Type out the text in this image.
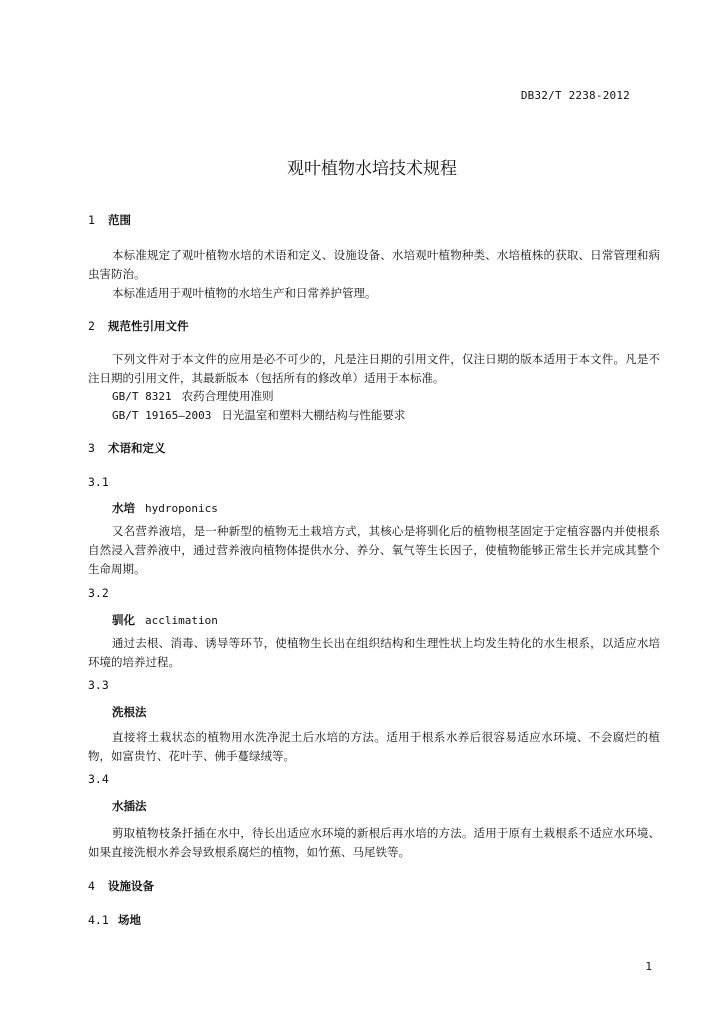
DB32/T 2238-2012
观叶植物水培技术规程
1 范围
本标准规定了观叶植物水培的术语和定义、设施设备、水培观叶植物种类、水培植株的获取、日常管理和病虫害防治。
本标准适用于观叶植物的水培生产和日常养护管理。
2 规范性引用文件
下列文件对于本文件的应用是必不可少的，凡是注日期的引用文件，仅注日期的版本适用于本文件。凡是不注日期的引用文件，其最新版本（包括所有的修改单）适用于本标准。
GB/T 8321 农药合理使用准则
GB/T 19165—2003 日光温室和塑料大棚结构与性能要求
3 术语和定义
3.1
水培 hydroponics
又名营养液培，是一种新型的植物无土栽培方式，其核心是将驯化后的植物根茎固定于定植容器内并使根系自然浸入营养液中，通过营养液向植物体提供水分、养分、氧气等生长因子，使植物能够正常生长并完成其整个生命周期。
3.2
驯化 acclimation
通过去根、消毒、诱导等环节，使植物生长出在组织结构和生理性状上均发生特化的水生根系，以适应水培环境的培养过程。
3.3
洗根法
直接将土栽状态的植物用水洗净泥土后水培的方法。适用于根系水养后很容易适应水环境、不会腐烂的植物，如富贵竹、花叶芋、佛手蔓绿绒等。
3.4
水插法
剪取植物枝条扦插在水中，待长出适应水环境的新根后再水培的方法。适用于原有土栽根系不适应水环境、如果直接洗根水养会导致根系腐烂的植物，如竹蕉、马尾铁等。
4 设施设备
4.1 场地
1
